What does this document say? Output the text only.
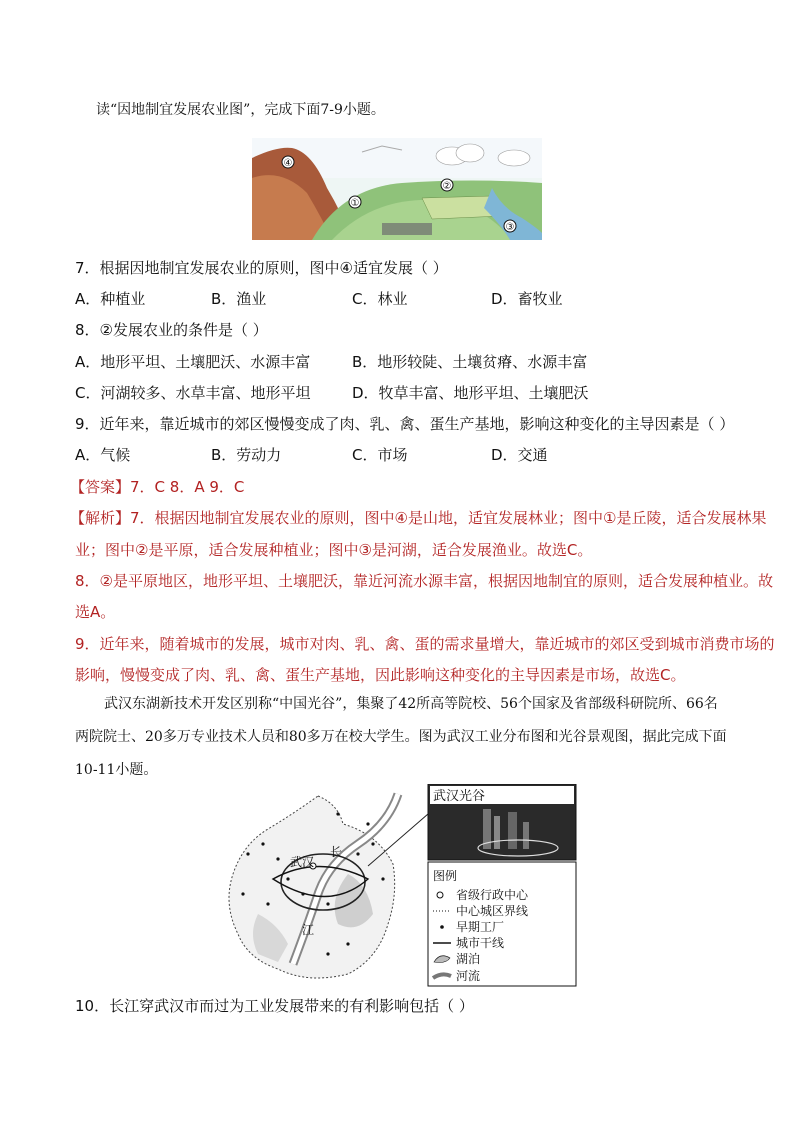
读“因地制宜发展农业图”，完成下面7-9小题。
④
①
②
③
7．根据因地制宜发展农业的原则，图中④适宜发展（ ）
A．种植业	B．渔业	C．林业	D．畜牧业
8．②发展农业的条件是（ ）
A．地形平坦、土壤肥沃、水源丰富	B．地形较陡、土壤贫瘠、水源丰富
C．河湖较多、水草丰富、地形平坦	D．牧草丰富、地形平坦、土壤肥沃
9．近年来，靠近城市的郊区慢慢变成了肉、乳、禽、蛋生产基地，影响这种变化的主导因素是（ ）
A．气候	B．劳动力	C．市场	D．交通
【答案】7．C 8．A 9．C
【解析】7．根据因地制宜发展农业的原则，图中④是山地，适宜发展林业；图中①是丘陵，适合发展林果
业；图中②是平原，适合发展种植业；图中③是河湖，适合发展渔业。故选C。
8．②是平原地区，地形平坦、土壤肥沃，靠近河流水源丰富，根据因地制宜的原则，适合发展种植业。故
选A。
9．近年来，随着城市的发展，城市对肉、乳、禽、蛋的需求量增大，靠近城市的郊区受到城市消费市场的
影响，慢慢变成了肉、乳、禽、蛋生产基地，因此影响这种变化的主导因素是市场，故选C。
武汉东湖新技术开发区别称“中国光谷”，集聚了42所高等院校、56个国家及省部级科研院所、66名
两院院士、20多万专业技术人员和80多万在校大学生。图为武汉工业分布图和光谷景观图，据此完成下面
10-11小题。
武汉
长
江
武汉光谷
图例
省级行政中心
中心城区界线
早期工厂
城市干线
湖泊
河流
10．长江穿武汉市而过为工业发展带来的有利影响包括（ ）
